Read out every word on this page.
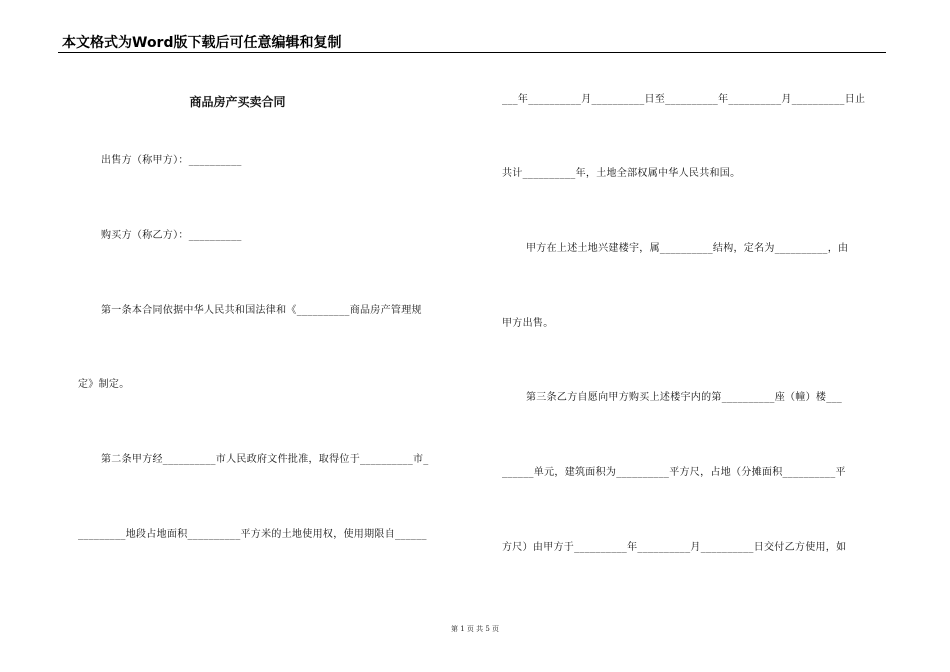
本文格式为Word版下载后可任意编辑和复制
商品房产买卖合同
出售方（称甲方）：__________
购买方（称乙方）：__________
第一条本合同依据中华人民共和国法律和《__________商品房产管理规
定》制定。
第二条甲方经__________市人民政府文件批准，取得位于__________市_
_________地段占地面积__________平方米的土地使用权，使用期限自______
___年__________月__________日至__________年__________月__________日止
共计__________年，土地全部权属中华人民共和国。
甲方在上述土地兴建楼宇，属__________结构，定名为__________，由
甲方出售。
第三条乙方自愿向甲方购买上述楼宇内的第__________座（幢）楼___
______单元，建筑面积为__________平方尺，占地（分摊面积__________平
方尺）由甲方于__________年__________月__________日交付乙方使用，如
第 1 页 共 5 页
